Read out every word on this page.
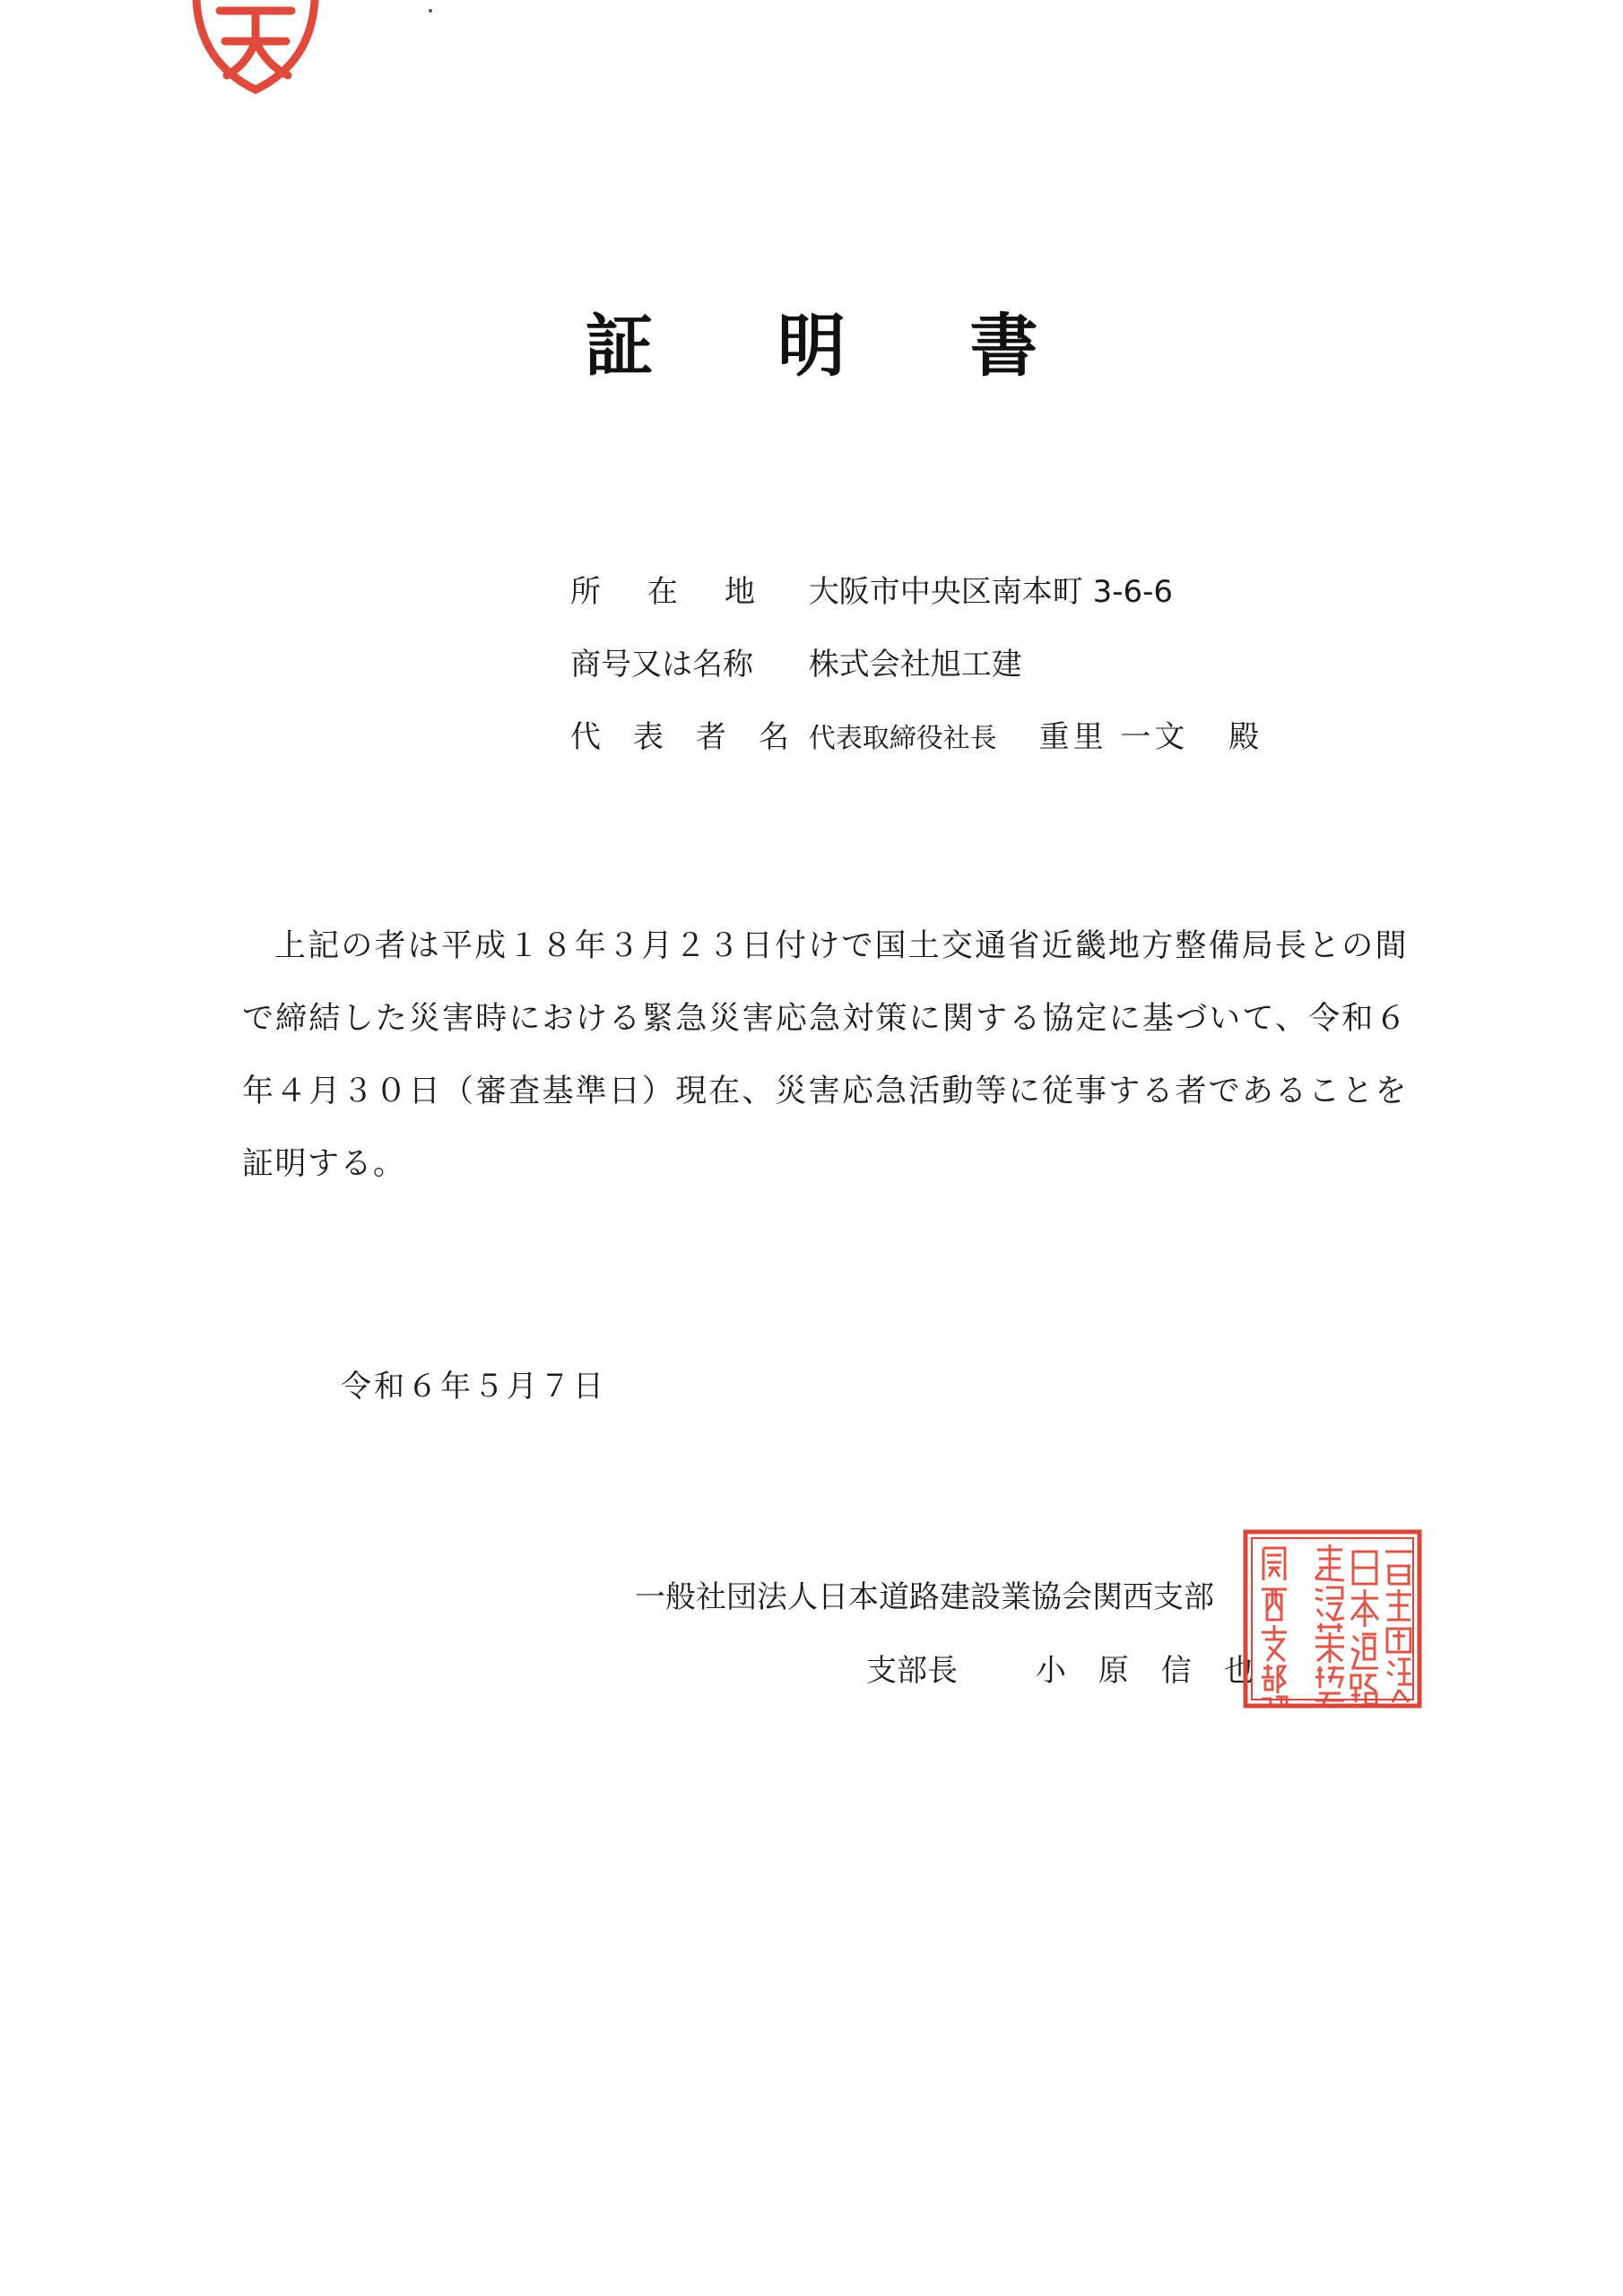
証 明 書
所在地 大阪市中央区南本町 3-6-6
商号又は名称 株式会社旭工建
代表者名 代表取締役社長 重里 一文 殿

上記の者は平成１８年３月２３日付けで国土交通省近畿地方整備局長との間で締結した災害時における緊急災害応急対策に関する協定に基づいて、令和６年４月３０日（審査基準日）現在、災害応急活動等に従事する者であることを証明する。

令和６年５月７日
一般社団法人日本道路建設業協会関西支部
支部長	小原信也
